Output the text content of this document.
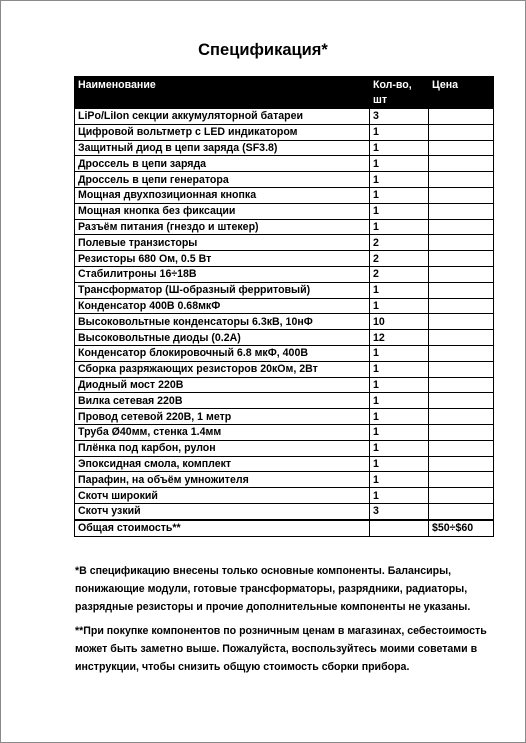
Спецификация*
Наименование	Кол-во, шт	Цена
LiPo/LiIon секции аккумуляторной батареи	3	
Цифровой вольтметр с LED индикатором	1	
Защитный диод в цепи заряда (SF3.8)	1	
Дроссель в цепи заряда	1	
Дроссель в цепи генератора	1	
Мощная двухпозиционная кнопка	1	
Мощная кнопка без фиксации	1	
Разъём питания (гнездо и штекер)	1	
Полевые транзисторы	2	
Резисторы 680 Ом, 0.5 Вт	2	
Стабилитроны 16÷18В	2	
Трансформатор (Ш-образный ферритовый)	1	
Конденсатор 400В 0.68мкФ	1	
Высоковольтные конденсаторы 6.3кВ, 10нФ	10	
Высоковольтные диоды (0.2А)	12	
Конденсатор блокировочный 6.8 мкФ, 400В	1	
Сборка разряжающих резисторов 20кОм, 2Вт	1	
Диодный мост 220В	1	
Вилка сетевая 220В	1	
Провод сетевой 220В, 1 метр	1	
Труба Ø40мм, стенка 1.4мм	1	
Плёнка под карбон, рулон	1	
Эпоксидная смола, комплект	1	
Парафин, на объём умножителя	1	
Скотч широкий	1	
Скотч узкий	3	
Общая стоимость**		$50÷$60
*В спецификацию внесены только основные компоненты. Балансиры, понижающие модули, готовые трансформаторы, разрядники, радиаторы, разрядные резисторы и прочие дополнительные компоненты не указаны.
**При покупке компонентов по розничным ценам в магазинах, себестоимость может быть заметно выше. Пожалуйста, воспользуйтесь моими советами в инструкции, чтобы снизить общую стоимость сборки прибора.
